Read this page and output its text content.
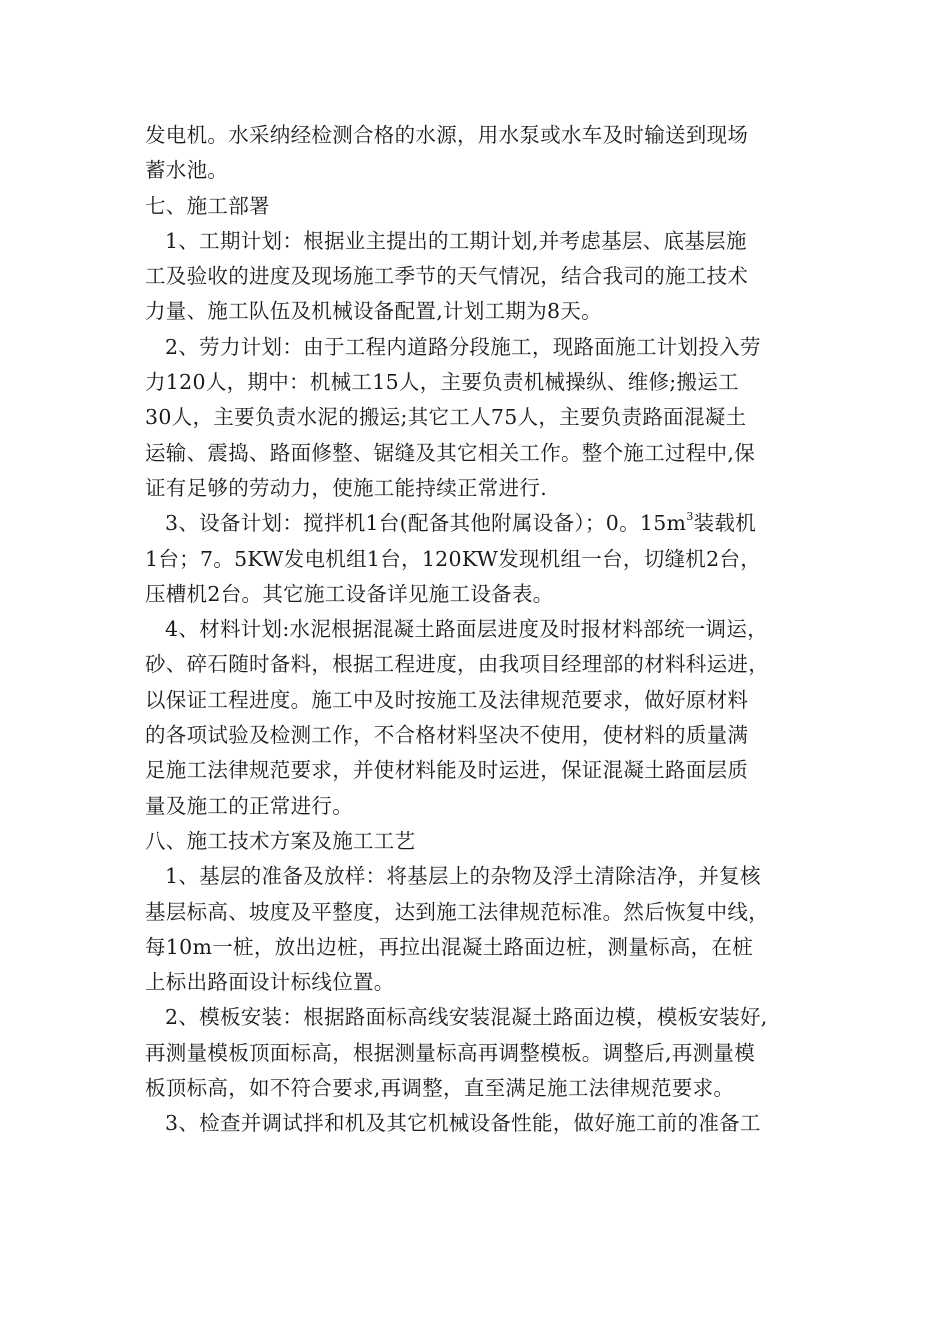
发电机。水采纳经检测合格的水源，用水泵或水车及时输送到现场
蓄水池。
七、施工部署
1、工期计划：根据业主提出的工期计划,并考虑基层、底基层施
工及验收的进度及现场施工季节的天气情况，结合我司的施工技术
力量、施工队伍及机械设备配置,计划工期为8天。
2、劳力计划：由于工程内道路分段施工，现路面施工计划投入劳
力120人，期中：机械工15人，主要负责机械操纵、维修;搬运工
30人，主要负责水泥的搬运;其它工人75人，主要负责路面混凝土
运输、震捣、路面修整、锯缝及其它相关工作。整个施工过程中,保
证有足够的劳动力，使施工能持续正常进行.
3、设备计划：搅拌机1台(配备其他附属设备）；0。$15m^3$装载机
1台；7。5KW发电机组1台，120KW发现机组一台，切缝机2台，
压槽机2台。其它施工设备详见施工设备表。
4、材料计划:水泥根据混凝土路面层进度及时报材料部统一调运，
砂、碎石随时备料，根据工程进度，由我项目经理部的材料科运进，
以保证工程进度。施工中及时按施工及法律规范要求，做好原材料
的各项试验及检测工作，不合格材料坚决不使用，使材料的质量满
足施工法律规范要求，并使材料能及时运进，保证混凝土路面层质
量及施工的正常进行。
八、施工技术方案及施工工艺
1、基层的准备及放样：将基层上的杂物及浮土清除洁净，并复核
基层标高、坡度及平整度，达到施工法律规范标准。然后恢复中线，
每10m一桩，放出边桩，再拉出混凝土路面边桩，测量标高，在桩
上标出路面设计标线位置。
2、模板安装：根据路面标高线安装混凝土路面边模，模板安装好,
再测量模板顶面标高，根据测量标高再调整模板。调整后,再测量模
板顶标高，如不符合要求,再调整，直至满足施工法律规范要求。
3、检查并调试拌和机及其它机械设备性能，做好施工前的准备工
